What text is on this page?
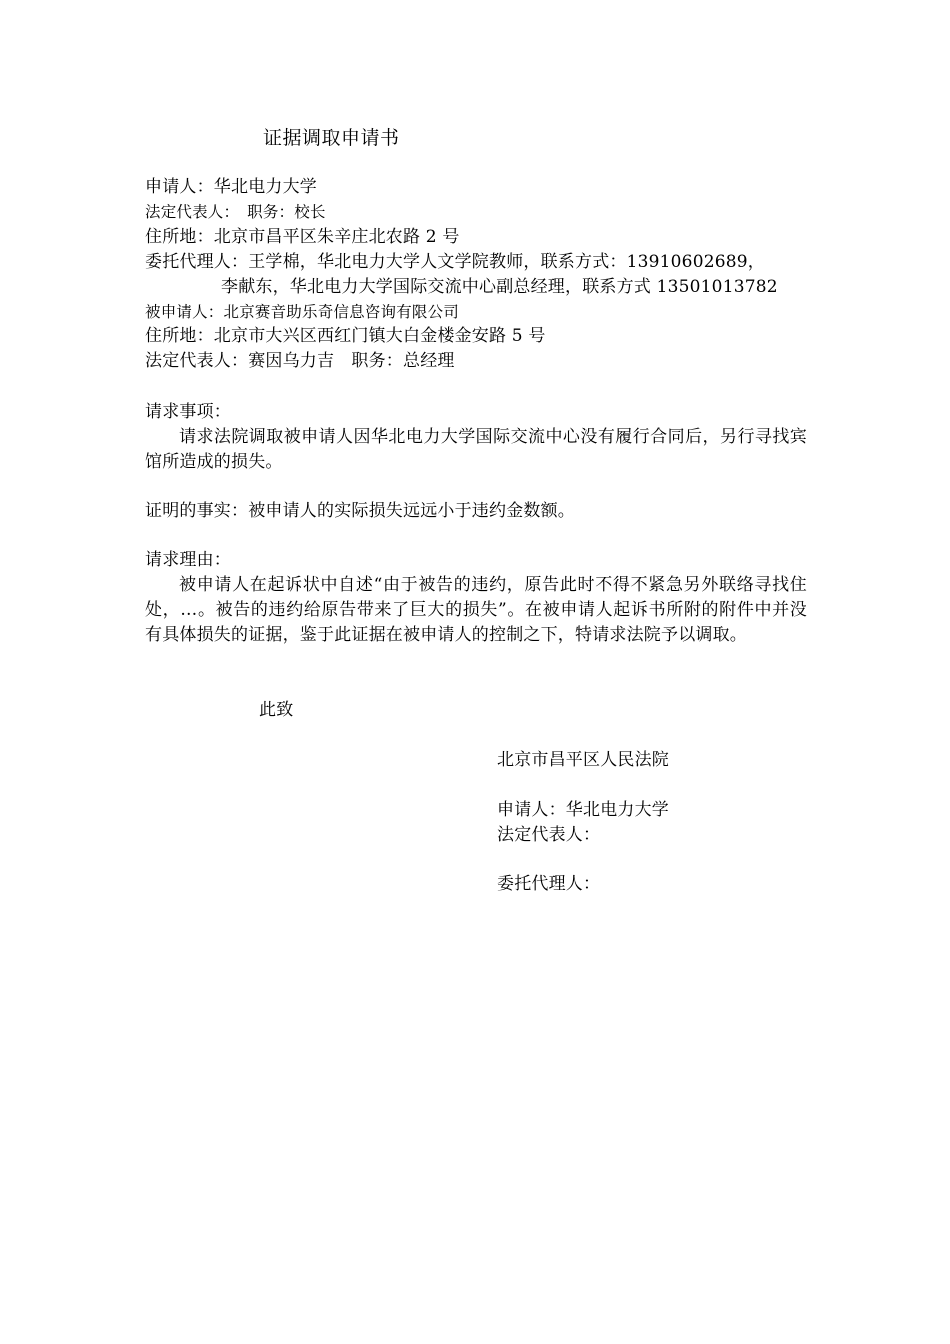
证据调取申请书
申请人：华北电力大学
法定代表人：　职务：校长
住所地：北京市昌平区朱辛庄北农路 2 号
委托代理人：王学棉，华北电力大学人文学院教师，联系方式：13910602689，
李献东，华北电力大学国际交流中心副总经理，联系方式 13501013782
被申请人：北京赛音助乐奇信息咨询有限公司
住所地：北京市大兴区西红门镇大白金楼金安路 5 号
法定代表人：赛因乌力吉　职务：总经理
请求事项：
请求法院调取被申请人因华北电力大学国际交流中心没有履行合同后，另行寻找宾馆所造成的损失。
证明的事实：被申请人的实际损失远远小于违约金数额。
请求理由：
被申请人在起诉状中自述“由于被告的违约，原告此时不得不紧急另外联络寻找住处，…。被告的违约给原告带来了巨大的损失”。在被申请人起诉书所附的附件中并没有具体损失的证据，鉴于此证据在被申请人的控制之下，特请求法院予以调取。
此致
北京市昌平区人民法院
申请人：华北电力大学
法定代表人：
委托代理人：
